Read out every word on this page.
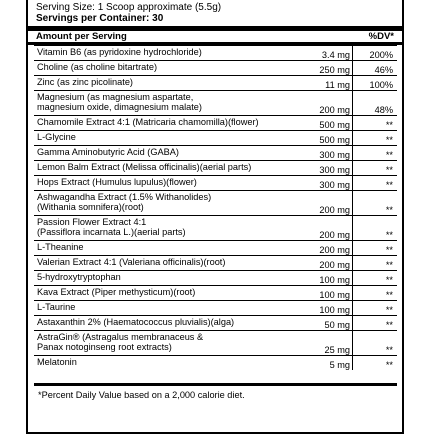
Serving Size: 1 Scoop approximate (5.5g)
Servings per Container: 30
Amount per Serving	%DV*
Vitamin B6 (as pyridoxine hydrochloride)	3.4 mg 200%
Choline (as choline bitartrate)	250 mg	46%
Zinc (as zinc picolinate)	11 mg 100%
Magnesium (as magnesium aspartate,
magnesium oxide, dimagnesium malate)	200 mg	48%
Chamomile Extract 4:1 (Matricaria chamomilla)(flower)	500 mg	**
L-Glycine	500 mg	**
Gamma Aminobutyric Acid (GABA)	300 mg	**
Lemon Balm Extract (Melissa officinalis)(aerial parts)	300 mg	**
Hops Extract (Humulus lupulus)(flower)	300 mg	**
Ashwagandha Extract (1.5% Withanolides)
(Withania somnifera)(root)	200 mg	**
Passion Flower Extract 4:1
(Passiflora incarnata L.)(aerial parts)	200 mg	**
L-Theanine	200 mg	**
Valerian Extract 4:1 (Valeriana officinalis)(root)	200 mg	**
5-hydroxytryptophan	100 mg	**
Kava Extract (Piper methysticum)(root)	100 mg	**
L-Taurine	100 mg	**
Astaxanthin 2% (Haematococcus pluvialis)(alga)	50 mg	**
AstraGin® (Astragalus membranaceus &
Panax notoginseng root extracts)	25 mg	**
Melatonin	5 mg	**
*Percent Daily Value based on a 2,000 calorie diet.
